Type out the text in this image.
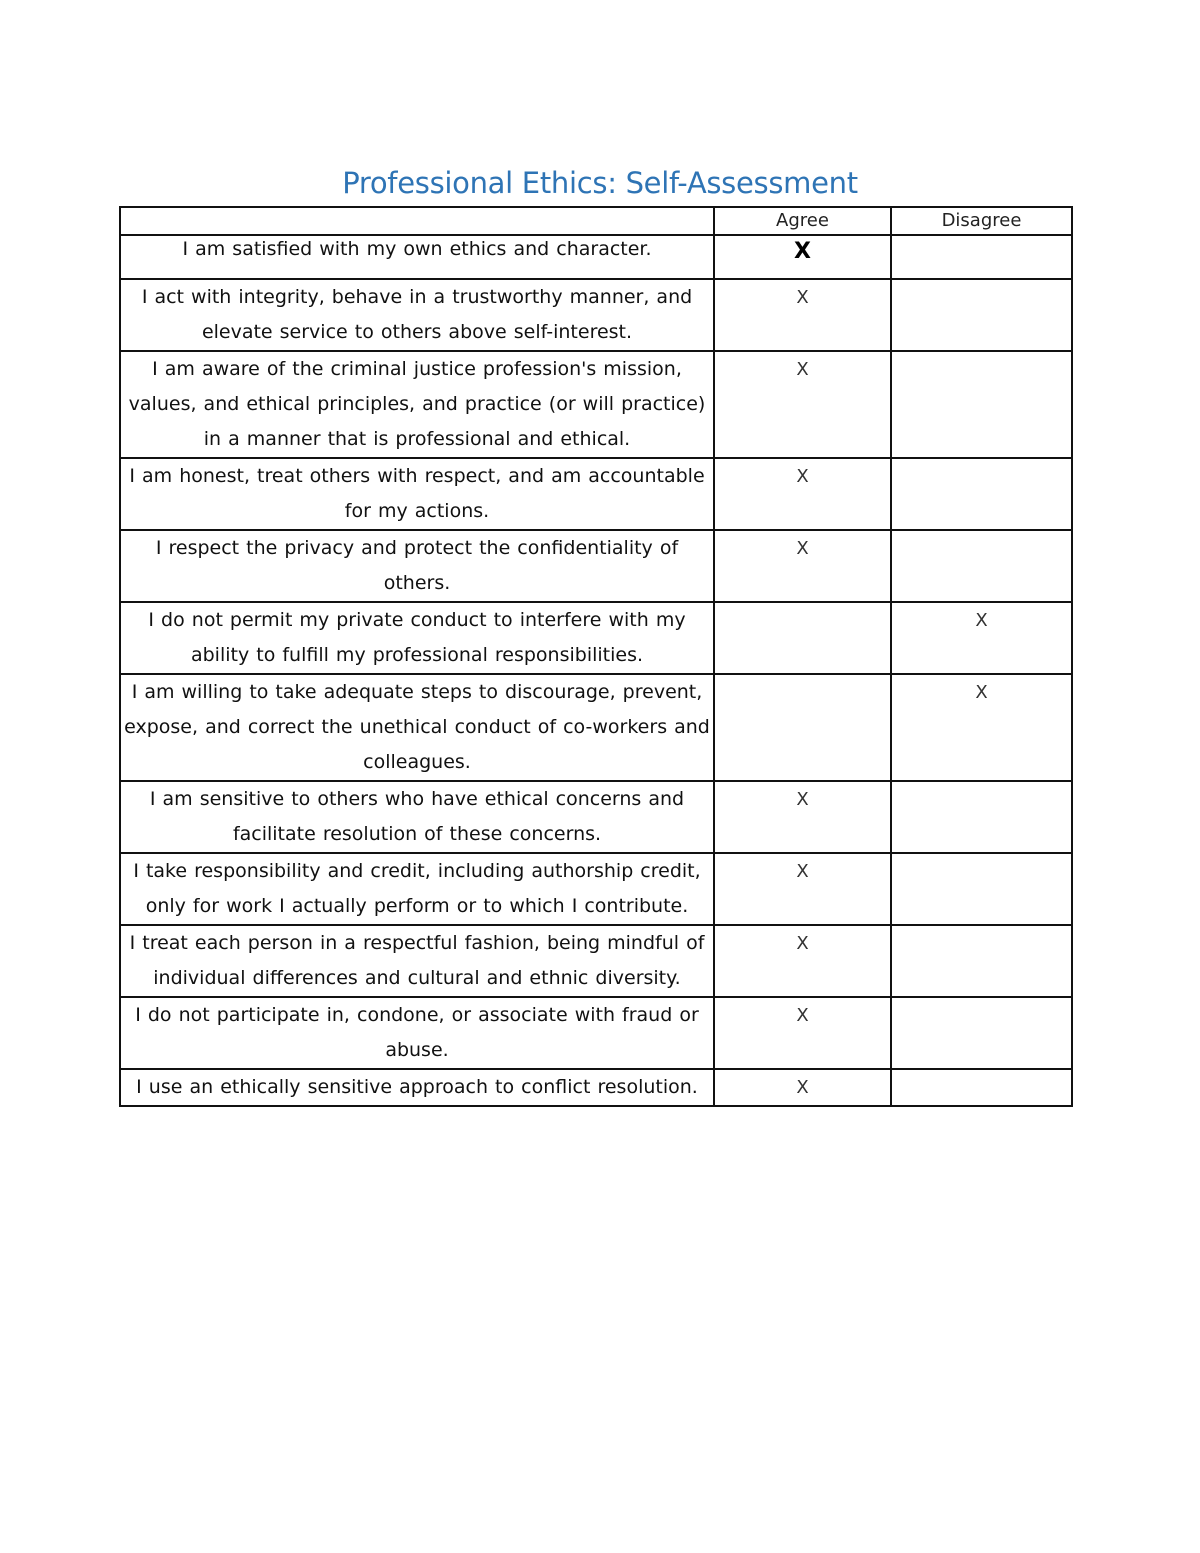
Professional Ethics: Self-Assessment
	Agree	Disagree
I am satisfied with my own ethics and character.	X	
I act with integrity, behave in a trustworthy manner, and elevate service to others above self-interest.	X	
I am aware of the criminal justice profession's mission, values, and ethical principles, and practice (or will practice) in a manner that is professional and ethical.	X	
I am honest, treat others with respect, and am accountable for my actions.	X	
I respect the privacy and protect the confidentiality of others.	X	
I do not permit my private conduct to interfere with my ability to fulfill my professional responsibilities.		X
I am willing to take adequate steps to discourage, prevent, expose, and correct the unethical conduct of co-workers and colleagues.		X
I am sensitive to others who have ethical concerns and facilitate resolution of these concerns.	X	
I take responsibility and credit, including authorship credit, only for work I actually perform or to which I contribute.	X	
I treat each person in a respectful fashion, being mindful of individual differences and cultural and ethnic diversity.	X	
I do not participate in, condone, or associate with fraud or abuse.	X	
I use an ethically sensitive approach to conflict resolution.	X	
